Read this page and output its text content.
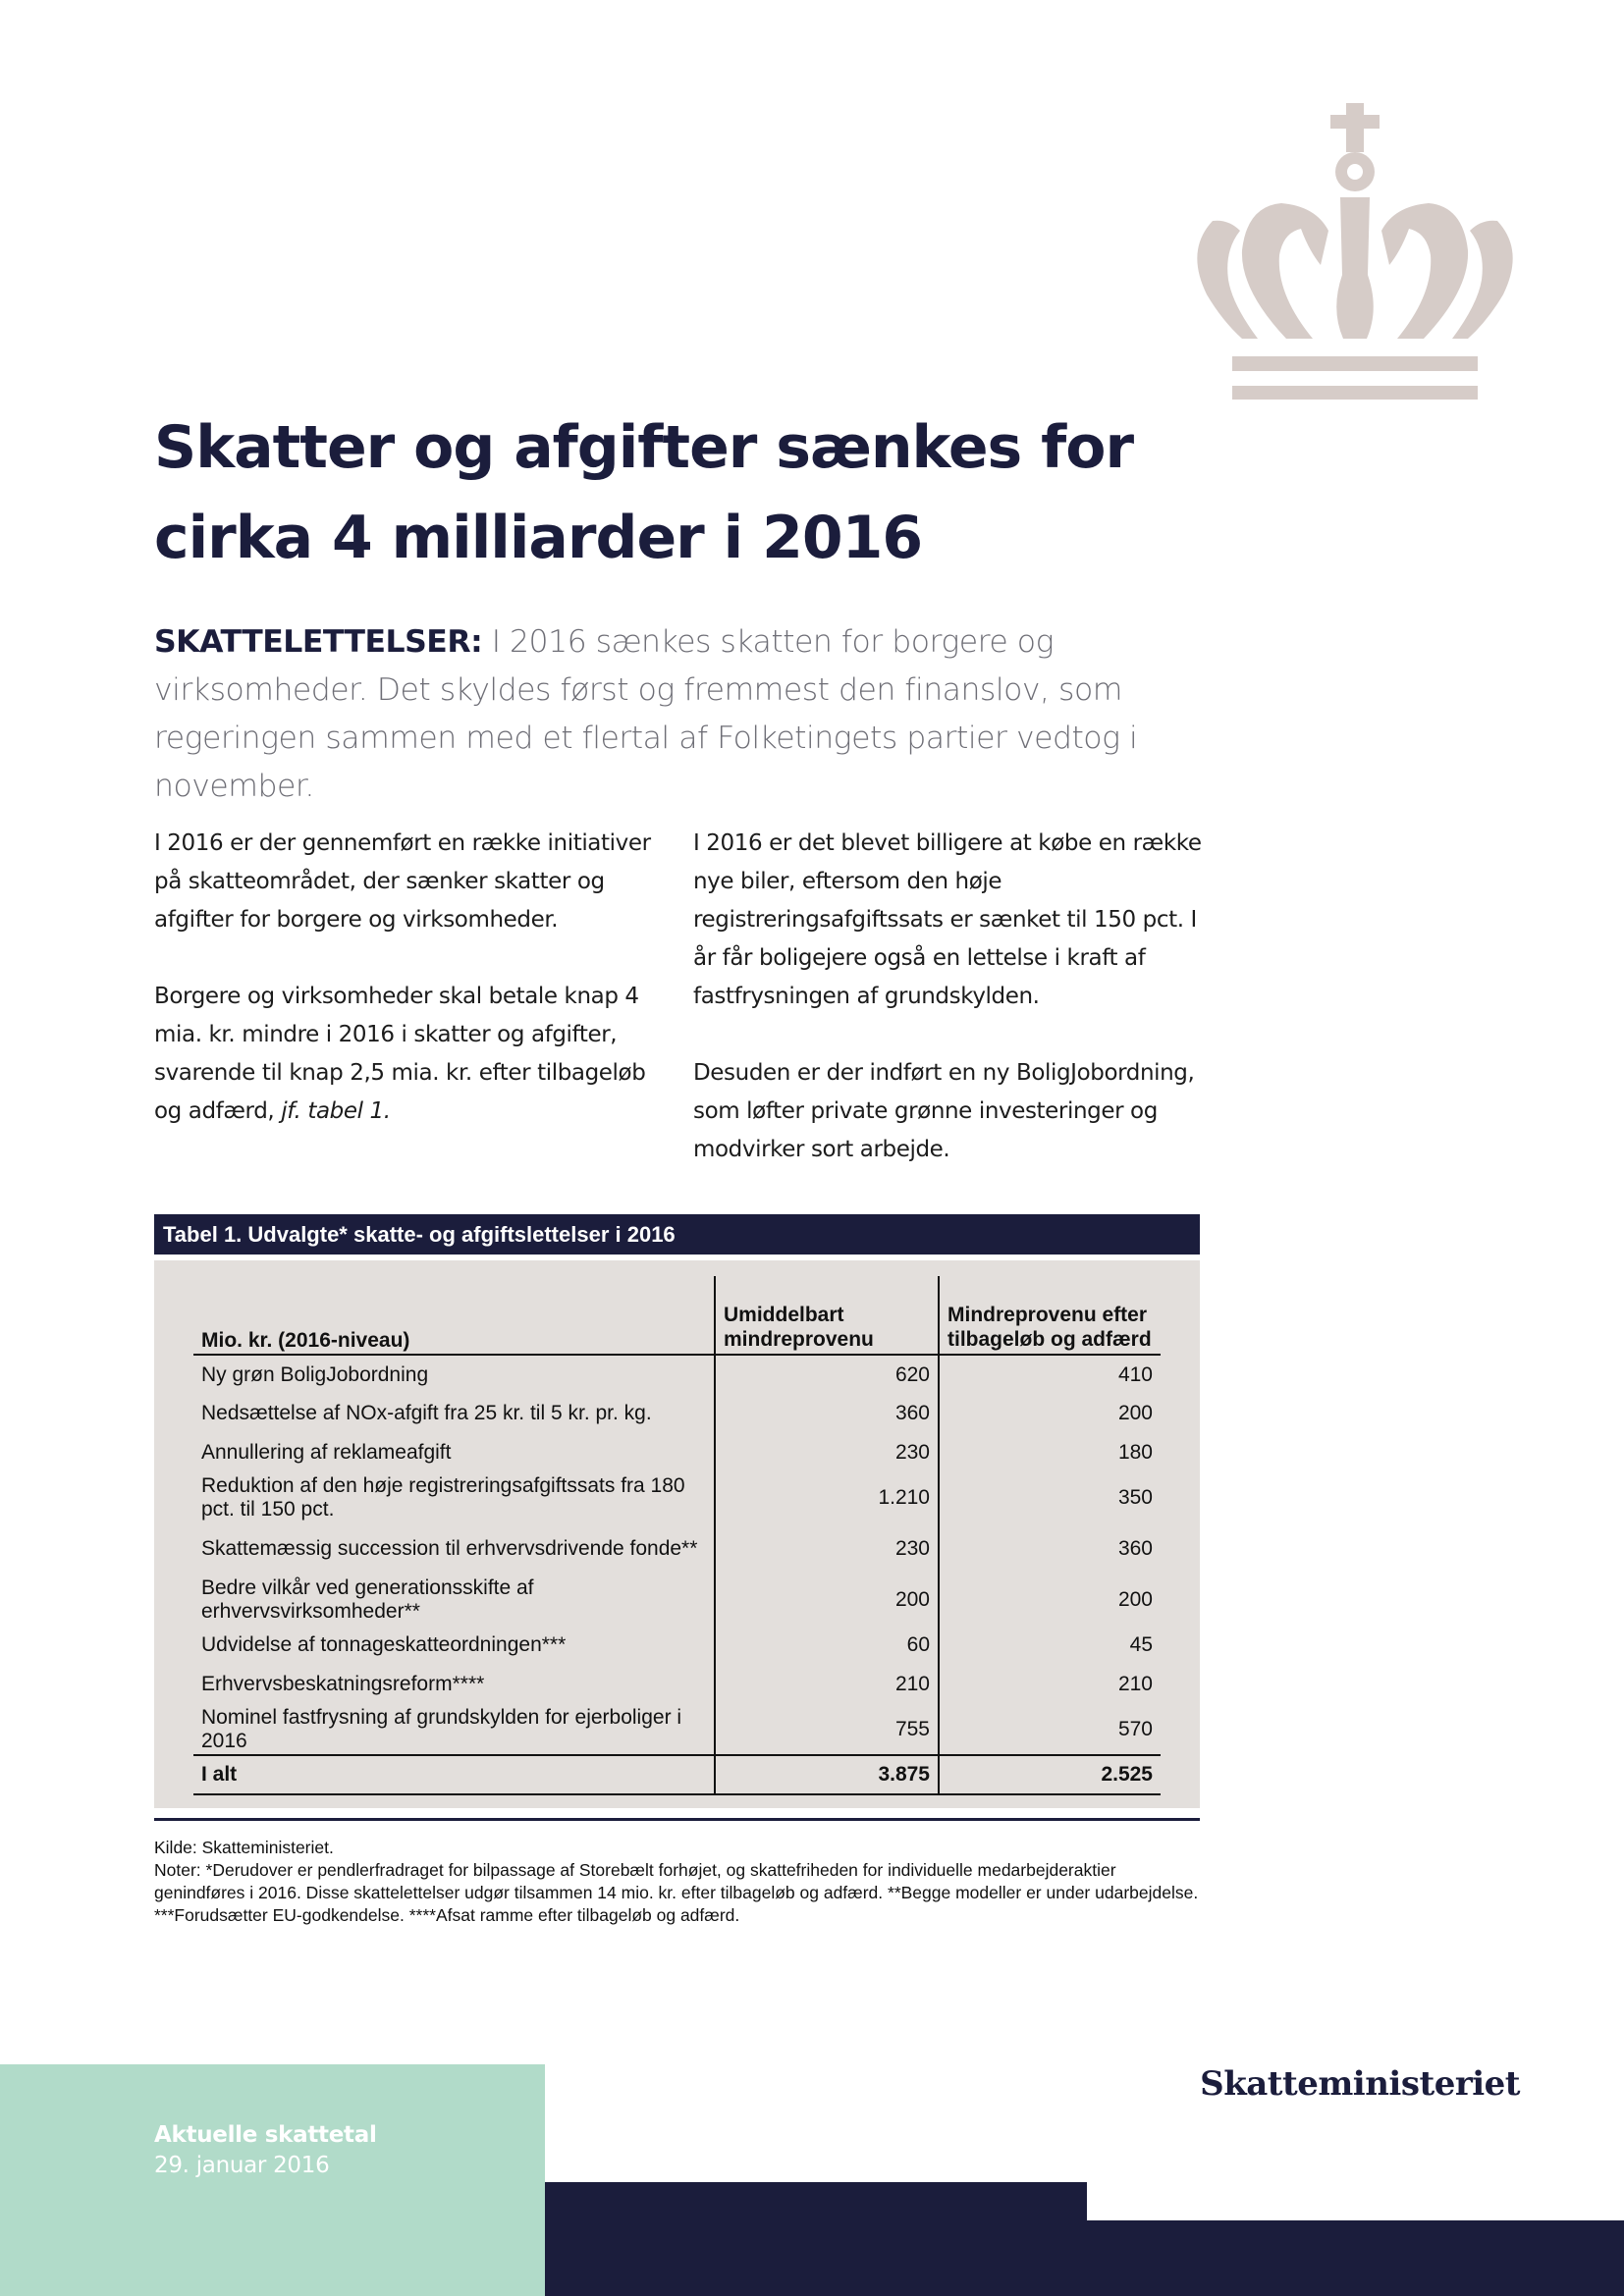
Skatter og afgifter sænkes for cirka 4 milliarder i 2016

SKATTELETTELSER: I 2016 sænkes skatten for borgere og virksomheder. Det skyldes først og fremmest den finanslov, som regeringen sammen med et flertal af Folketingets partier vedtog i november.

I 2016 er der gennemført en række initiativer på skatteområdet, der sænker skatter og afgifter for borgere og virksomheder.

Borgere og virksomheder skal betale knap 4 mia. kr. mindre i 2016 i skatter og afgifter, svarende til knap 2,5 mia. kr. efter tilbageløb og adfærd, jf. tabel 1.

I 2016 er det blevet billigere at købe en række nye biler, eftersom den høje registreringsafgiftssats er sænket til 150 pct. I år får boligejere også en lettelse i kraft af fastfrysningen af grundskylden.

Desuden er der indført en ny BoligJobordning, som løfter private grønne investeringer og modvirker sort arbejde.

Tabel 1. Udvalgte* skatte- og afgiftslettelser i 2016
Mio. kr. (2016-niveau)	Umiddelbart mindreprovenu	Mindreprovenu efter tilbageløb og adfærd
Ny grøn BoligJobordning	620	410
Nedsættelse af NOx-afgift fra 25 kr. til 5 kr. pr. kg.	360	200
Annullering af reklameafgift	230	180
Reduktion af den høje registreringsafgiftssats fra 180 pct. til 150 pct.	1.210	350
Skattemæssig succession til erhvervsdrivende fonde**	230	360
Bedre vilkår ved generationsskifte af erhvervsvirksomheder**	200	200
Udvidelse af tonnageskatteordningen***	60	45
Erhvervsbeskatningsreform****	210	210
Nominel fastfrysning af grundskylden for ejerboliger i 2016	755	570
I alt	3.875	2.525

Kilde: Skatteministeriet.

Noter: *Derudover er pendlerfradraget for bilpassage af Storebælt forhøjet, og skattefriheden for individuelle medarbejderaktier genindføres i 2016. Disse skattelettelser udgør tilsammen 14 mio. kr. efter tilbageløb og adfærd. **Begge modeller er under udarbejdelse. ***Forudsætter EU-godkendelse. ****Afsat ramme efter tilbageløb og adfærd.

Aktuelle skattetal
29. januar 2016
Skatteministeriet
